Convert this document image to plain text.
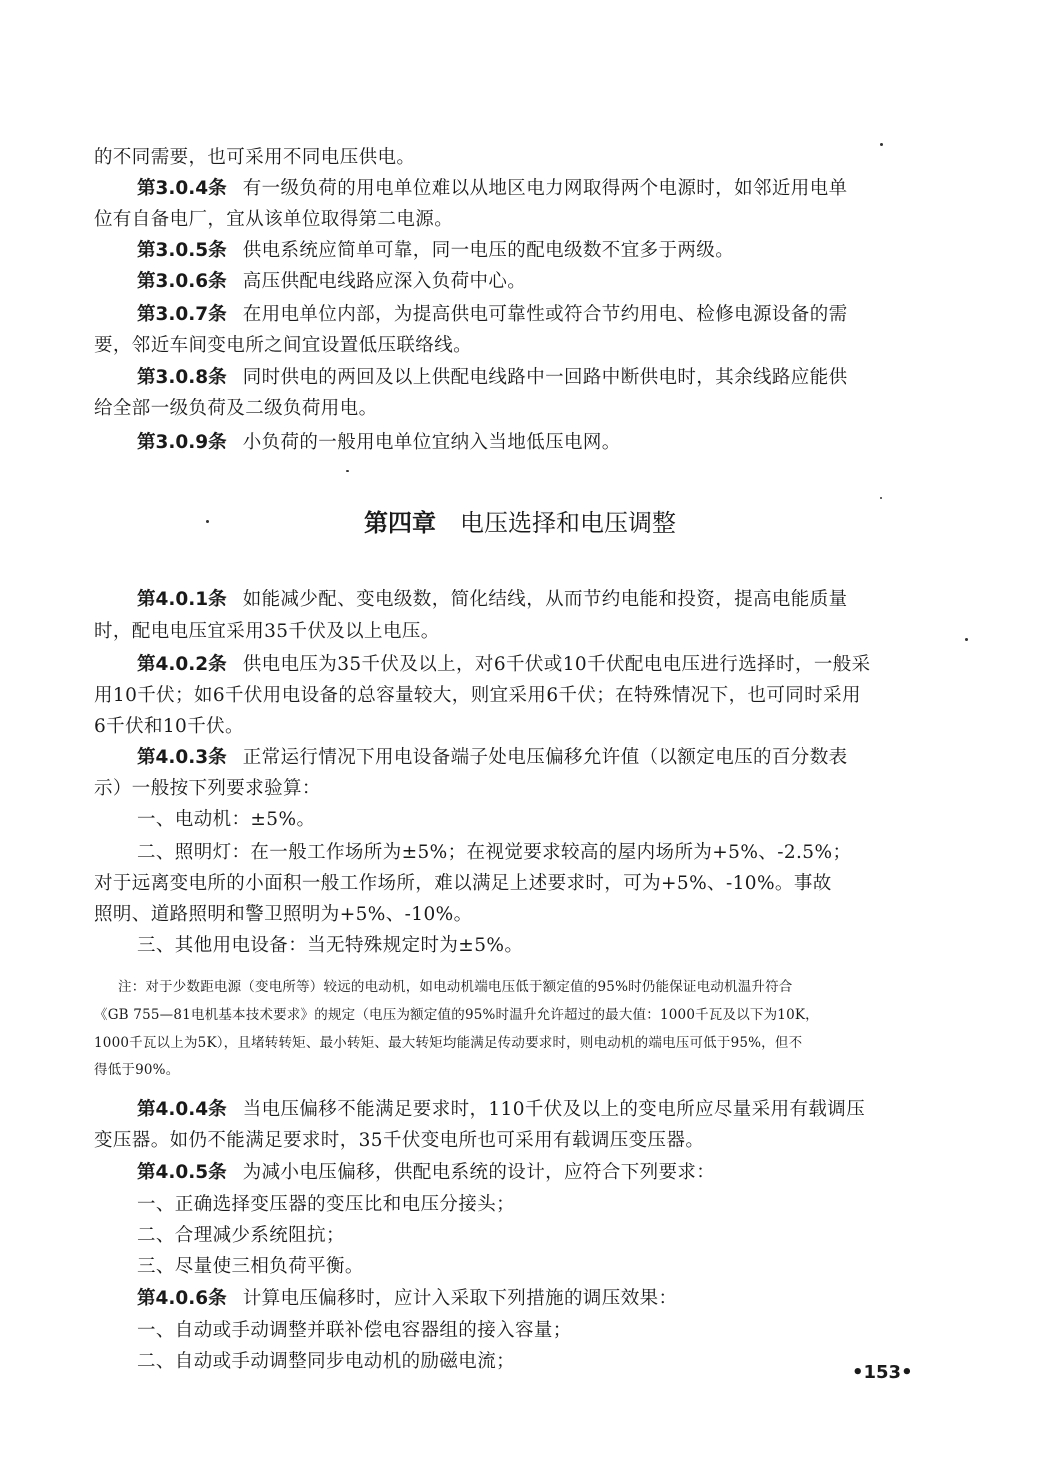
的不同需要，也可采用不同电压供电。
第3.0.4条 有一级负荷的用电单位难以从地区电力网取得两个电源时，如邻近用电单
位有自备电厂，宜从该单位取得第二电源。
第3.0.5条 供电系统应简单可靠，同一电压的配电级数不宜多于两级。
第3.0.6条 高压供配电线路应深入负荷中心。
第3.0.7条 在用电单位内部，为提高供电可靠性或符合节约用电、检修电源设备的需
要，邻近车间变电所之间宜设置低压联络线。
第3.0.8条 同时供电的两回及以上供配电线路中一回路中断供电时，其余线路应能供
给全部一级负荷及二级负荷用电。
第3.0.9条 小负荷的一般用电单位宜纳入当地低压电网。
第四章 电压选择和电压调整
第4.0.1条 如能减少配、变电级数，简化结线，从而节约电能和投资，提高电能质量
时，配电电压宜采用35千伏及以上电压。
第4.0.2条 供电电压为35千伏及以上，对6千伏或10千伏配电电压进行选择时，一般采
用10千伏；如6千伏用电设备的总容量较大，则宜采用6千伏；在特殊情况下，也可同时采用
6千伏和10千伏。
第4.0.3条 正常运行情况下用电设备端子处电压偏移允许值（以额定电压的百分数表
示）一般按下列要求验算：
一、电动机：±5%。
二、照明灯：在一般工作场所为±5%；在视觉要求较高的屋内场所为+5%、-2.5%；
对于远离变电所的小面积一般工作场所，难以满足上述要求时，可为+5%、-10%。事故
照明、道路照明和警卫照明为+5%、-10%。
三、其他用电设备：当无特殊规定时为±5%。
注：对于少数距电源（变电所等）较远的电动机，如电动机端电压低于额定值的95%时仍能保证电动机温升符合
《GB 755—81电机基本技术要求》的规定（电压为额定值的95%时温升允许超过的最大值：1000千瓦及以下为10K，
1000千瓦以上为5K），且堵转转矩、最小转矩、最大转矩均能满足传动要求时，则电动机的端电压可低于95%，但不
得低于90%。
第4.0.4条 当电压偏移不能满足要求时，110千伏及以上的变电所应尽量采用有载调压
变压器。如仍不能满足要求时，35千伏变电所也可采用有载调压变压器。
第4.0.5条 为减小电压偏移，供配电系统的设计，应符合下列要求：
一、正确选择变压器的变压比和电压分接头；
二、合理减少系统阻抗；
三、尽量使三相负荷平衡。
第4.0.6条 计算电压偏移时，应计入采取下列措施的调压效果：
一、自动或手动调整并联补偿电容器组的接入容量；
二、自动或手动调整同步电动机的励磁电流；
•153•
